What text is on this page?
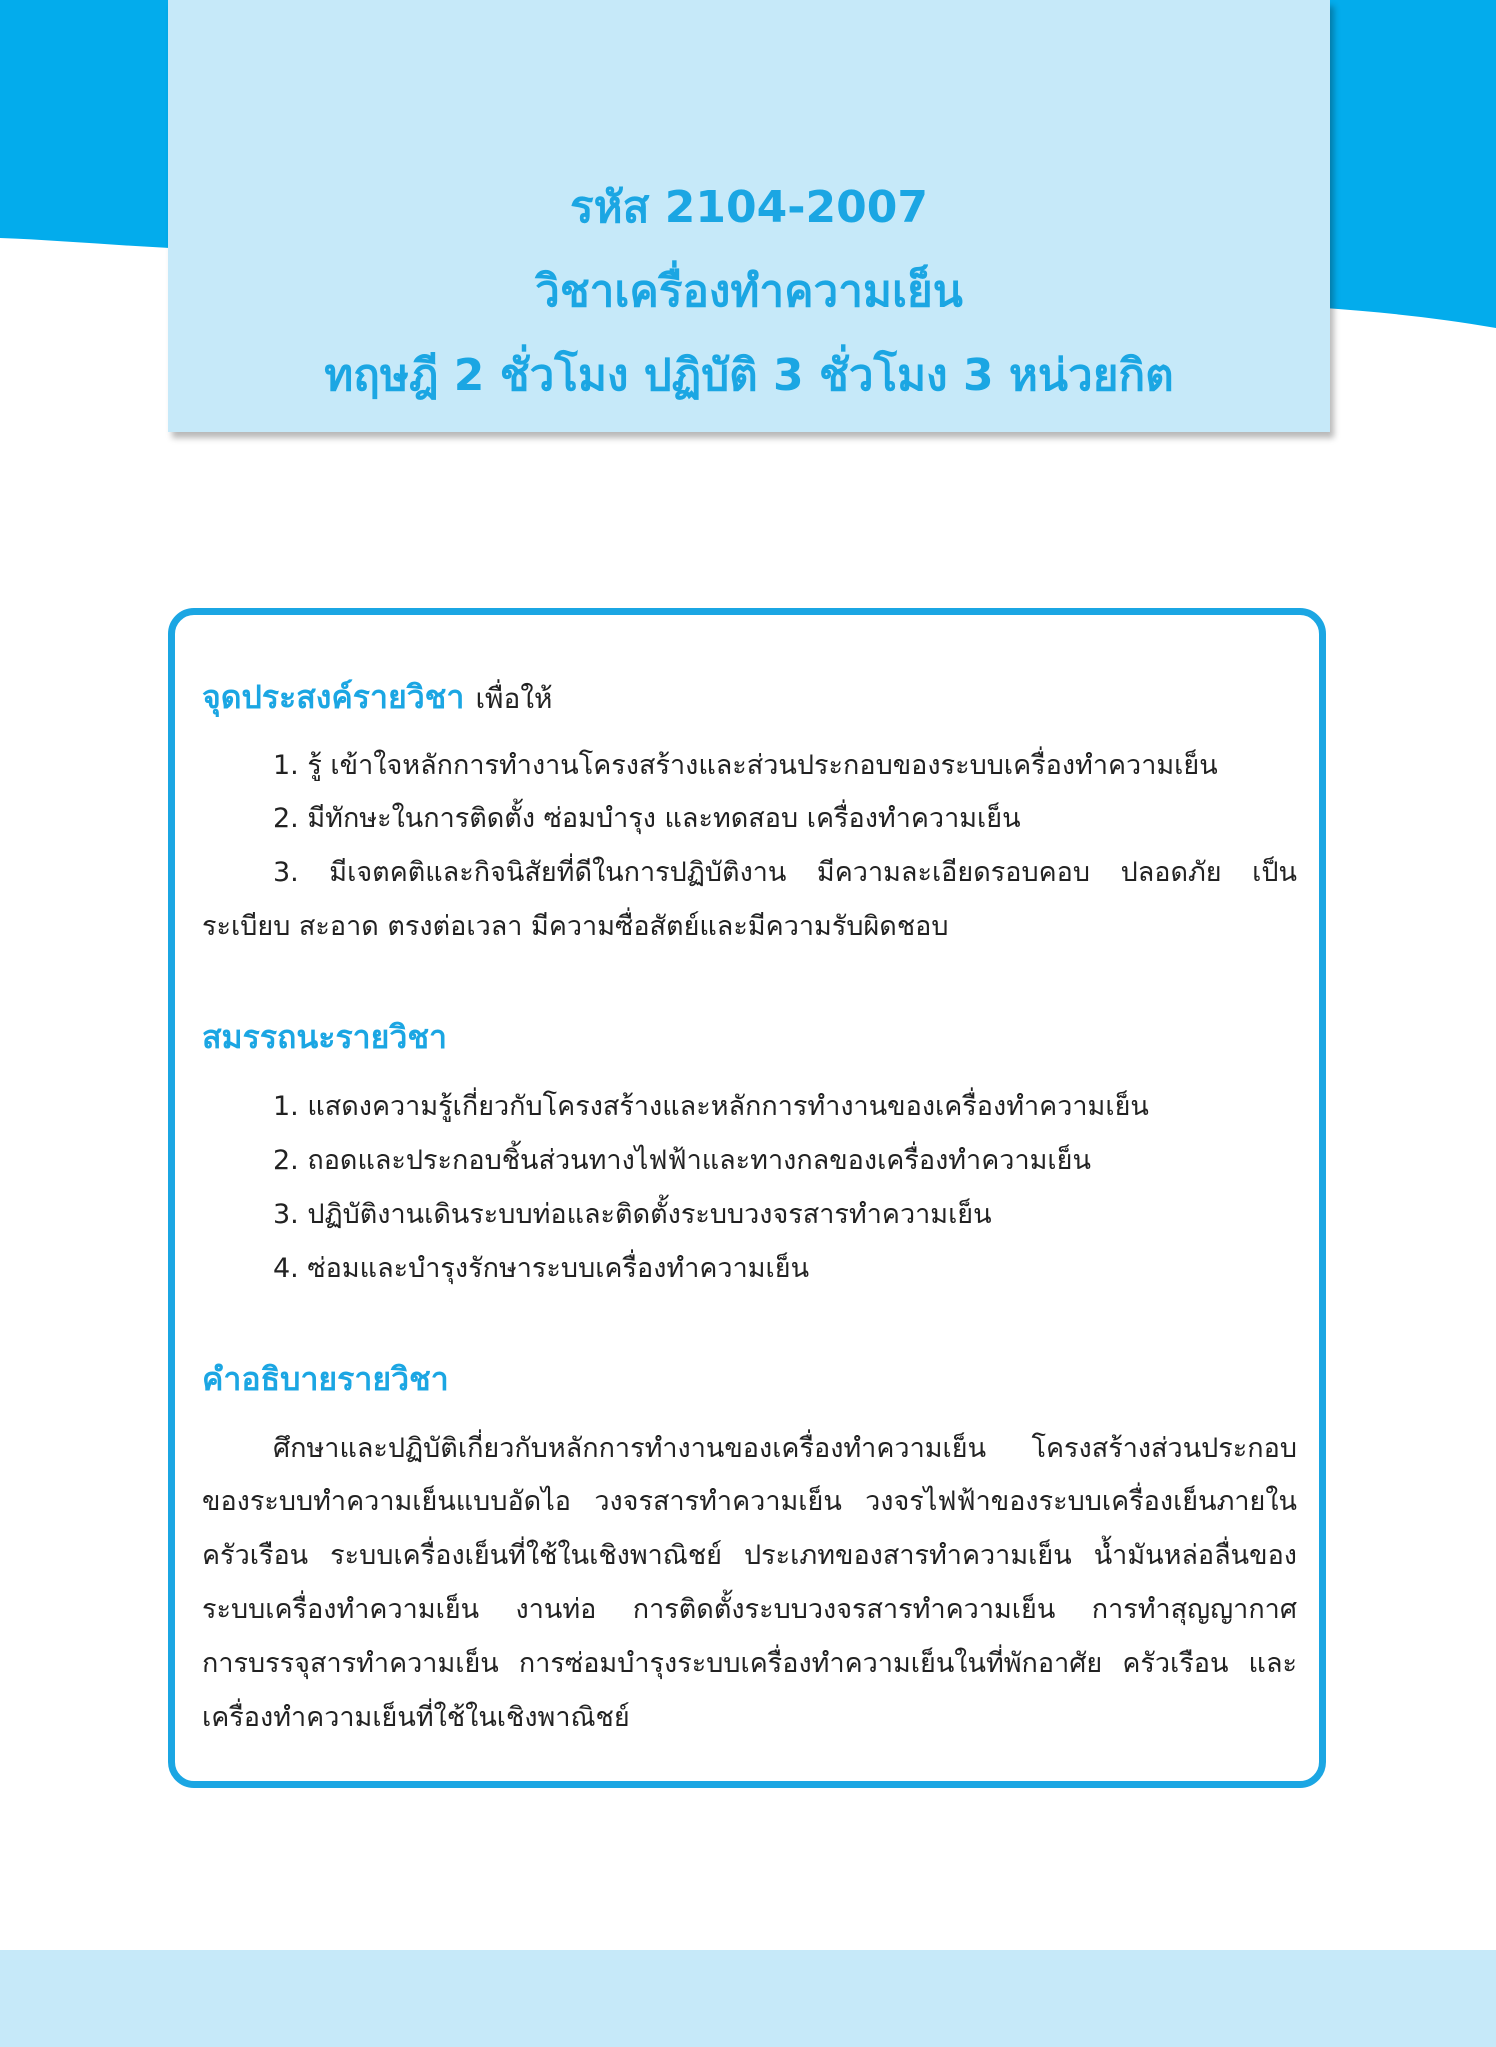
รหัส 2104-2007
วิชาเครื่องทำความเย็น
ทฤษฎี 2 ชั่วโมง ปฏิบัติ 3 ชั่วโมง 3 หน่วยกิต
จุดประสงค์รายวิชา เพื่อให้
1. รู้ เข้าใจหลักการทำงานโครงสร้างและส่วนประกอบของระบบเครื่องทำความเย็น
2. มีทักษะในการติดตั้ง ซ่อมบำรุง และทดสอบ เครื่องทำความเย็น
3. มีเจตคติและกิจนิสัยที่ดีในการปฏิบัติงาน มีความละเอียดรอบคอบ ปลอดภัย เป็น
ระเบียบ สะอาด ตรงต่อเวลา มีความซื่อสัตย์และมีความรับผิดชอบ
สมรรถนะรายวิชา
1. แสดงความรู้เกี่ยวกับโครงสร้างและหลักการทำงานของเครื่องทำความเย็น
2. ถอดและประกอบชิ้นส่วนทางไฟฟ้าและทางกลของเครื่องทำความเย็น
3. ปฏิบัติงานเดินระบบท่อและติดตั้งระบบวงจรสารทำความเย็น
4. ซ่อมและบำรุงรักษาระบบเครื่องทำความเย็น
คำอธิบายรายวิชา
ศึกษาและปฏิบัติเกี่ยวกับหลักการทำงานของเครื่องทำความเย็น โครงสร้างส่วนประกอบ
ของระบบทำความเย็นแบบอัดไอ วงจรสารทำความเย็น วงจรไฟฟ้าของระบบเครื่องเย็นภายใน
ครัวเรือน ระบบเครื่องเย็นที่ใช้ในเชิงพาณิชย์ ประเภทของสารทำความเย็น น้ำมันหล่อลื่นของ
ระบบเครื่องทำความเย็น งานท่อ การติดตั้งระบบวงจรสารทำความเย็น การทำสุญญากาศ
การบรรจุสารทำความเย็น การซ่อมบำรุงระบบเครื่องทำความเย็นในที่พักอาศัย ครัวเรือน และ
เครื่องทำความเย็นที่ใช้ในเชิงพาณิชย์
